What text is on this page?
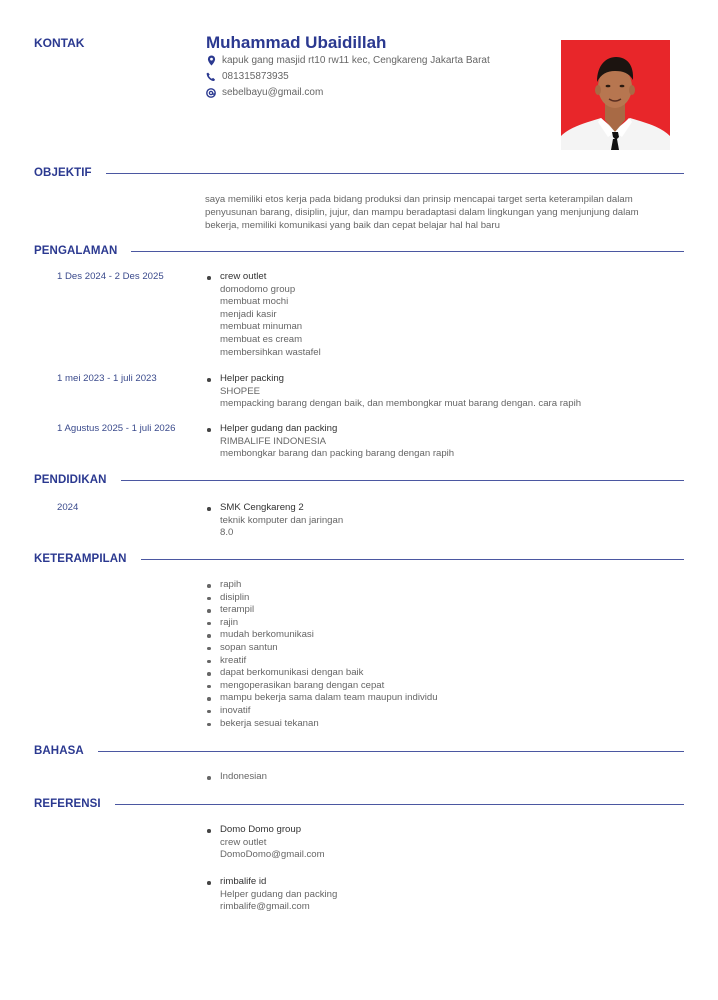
KONTAK	Muhammad Ubaidillah
kapuk gang masjid rt10 rw11 kec, Cengkareng Jakarta Barat
081315873935
sebelbayu@gmail.com
OBJEKTIF

saya memiliki etos kerja pada bidang produksi dan prinsip mencapai target serta keterampilan dalam penyusunan barang, disiplin, jujur, dan mampu beradaptasi dalam lingkungan yang menjunjung dalam bekerja, memiliki komunikasi yang baik dan cepat belajar hal hal baru

PENGALAMAN
1 Des 2024 - 2 Des 2025	crew outlet
domodomo group
membuat mochi
menjadi kasir
membuat minuman
membuat es cream
membersihkan wastafel
1 mei 2023 - 1 juli 2023	Helper packing
SHOPEE
mempacking barang dengan baik, dan membongkar muat barang dengan. cara rapih
1 Agustus 2025 - 1 juli 2026	Helper gudang dan packing
RIMBALIFE INDONESIA
membongkar barang dan packing barang dengan rapih
PENDIDIKAN
2024	SMK Cengkareng 2
teknik komputer dan jaringan
8.0
KETERAMPILAN
rapih
disiplin
terampil
rajin
mudah berkomunikasi
sopan santun
kreatif
dapat berkomunikasi dengan baik
mengoperasikan barang dengan cepat
mampu bekerja sama dalam team maupun individu
inovatif
bekerja sesuai tekanan
BAHASA
Indonesian
REFERENSI
Domo Domo group
crew outlet
DomoDomo@gmail.com
rimbalife id
Helper gudang dan packing
rimbalife@gmail.com
